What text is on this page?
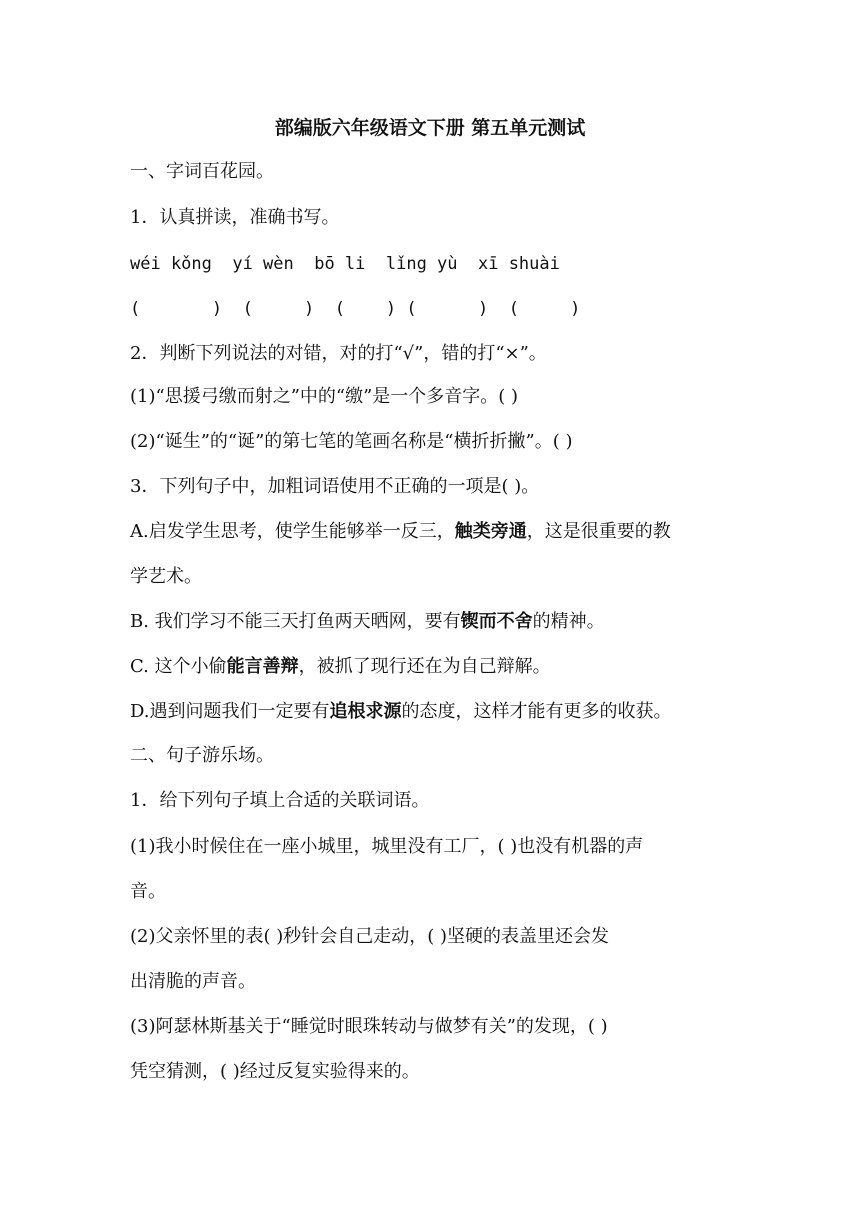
部编版六年级语文下册 第五单元测试

一、字词百花园。

1．认真拼读，准确书写。

wéi kǒng  yí wèn  bō li  lǐng yù  xī shuài

(       )  (     )  (    ) (      )  (     )

2．判断下列说法的对错，对的打“√”，错的打“×”。

(1)“思援弓缴而射之”中的“缴”是一个多音字。( )

(2)“诞生”的“诞”的第七笔的笔画名称是“横折折撇”。( )

3．下列句子中，加粗词语使用不正确的一项是( )。

A.启发学生思考，使学生能够举一反三，触类旁通，这是很重要的教

学艺术。

B. 我们学习不能三天打鱼两天晒网，要有锲而不舍的精神。

C. 这个小偷能言善辩，被抓了现行还在为自己辩解。

D.遇到问题我们一定要有追根求源的态度，这样才能有更多的收获。

二、句子游乐场。

1．给下列句子填上合适的关联词语。

(1)我小时候住在一座小城里，城里没有工厂，( )也没有机器的声

音。

(2)父亲怀里的表( )秒针会自己走动，( )坚硬的表盖里还会发

出清脆的声音。

(3)阿瑟林斯基关于“睡觉时眼珠转动与做梦有关”的发现，( )

凭空猜测，( )经过反复实验得来的。
